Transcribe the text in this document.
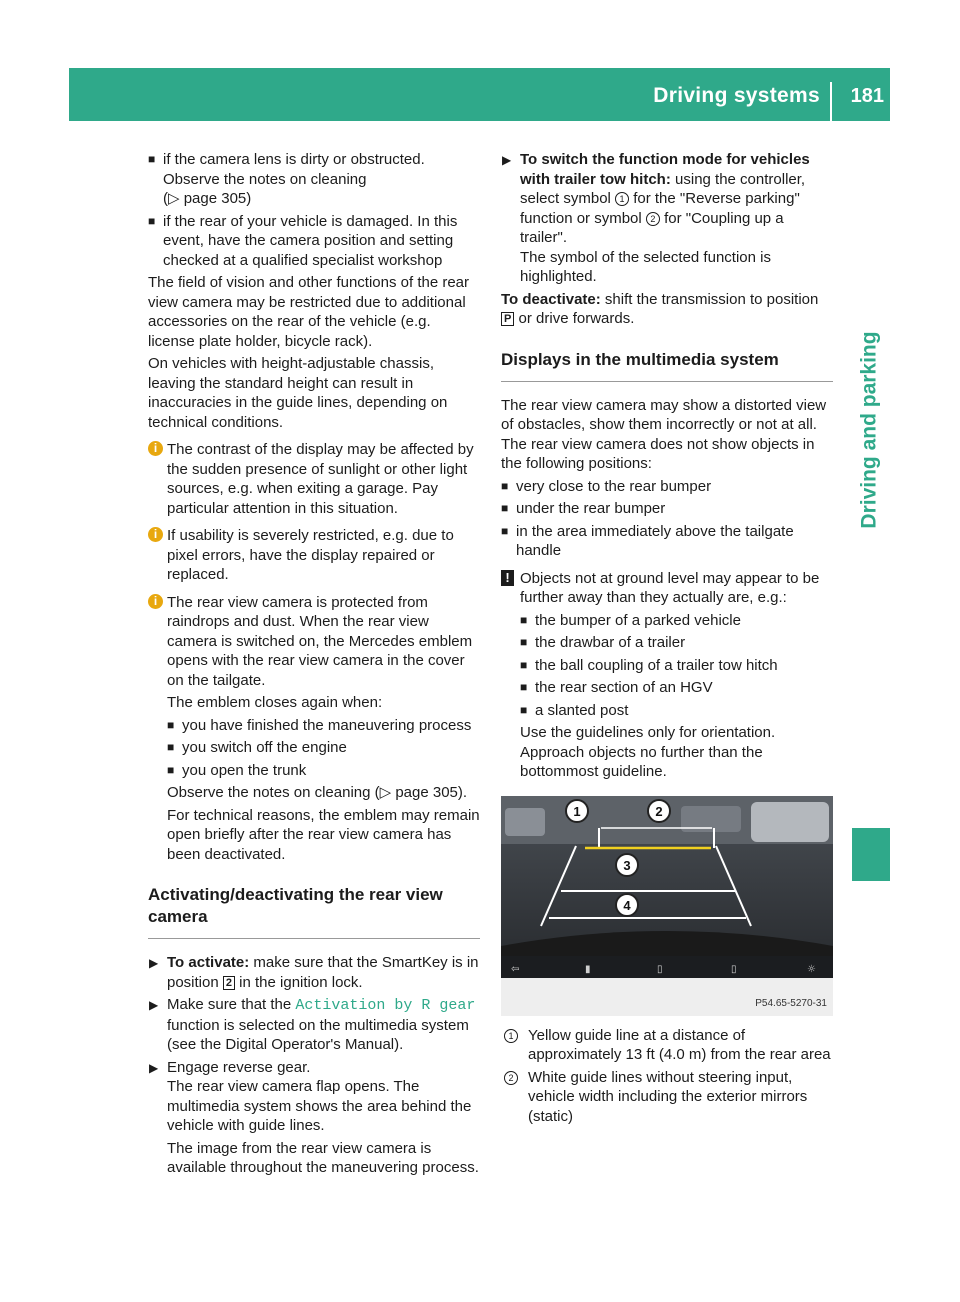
Driving systems 181
Driving and parking
■ if the camera lens is dirty or obstructed. Observe the notes on cleaning
(▷ page 305)
■ if the rear of your vehicle is damaged. In this event, have the camera position and setting checked at a qualified specialist workshop

The field of vision and other functions of the rear view camera may be restricted due to additional accessories on the rear of the vehicle (e.g. license plate holder, bicycle rack).

On vehicles with height-adjustable chassis, leaving the standard height can result in inaccuracies in the guide lines, depending on technical conditions.

i The contrast of the display may be affected by the sudden presence of sunlight or other light sources, e.g. when exiting a garage. Pay particular attention in this situation.
i If usability is severely restricted, e.g. due to pixel errors, have the display repaired or replaced.
i The rear view camera is protected from raindrops and dust. When the rear view camera is switched on, the Mercedes emblem opens with the rear view camera in the cover on the tailgate.

The emblem closes again when:

■ you have finished the maneuvering process
■ you switch off the engine
■ you open the trunk

Observe the notes on cleaning (▷ page 305).

For technical reasons, the emblem may remain open briefly after the rear view camera has been deactivated.

Activating/deactivating the rear view camera
▶ To activate: make sure that the SmartKey is in position 2 in the ignition lock.
▶ Make sure that the Activation by R gear function is selected on the multimedia system (see the Digital Operator's Manual).
▶ Engage reverse gear.
The rear view camera flap opens. The multimedia system shows the area behind the vehicle with guide lines.

The image from the rear view camera is available throughout the maneuvering process.

▶ To switch the function mode for vehicles with trailer tow hitch: using the controller, select symbol 1 for the "Reverse parking" function or symbol 2 for "Coupling up a trailer".
The symbol of the selected function is highlighted.

To deactivate: shift the transmission to position P or drive forwards.

Displays in the multimedia system

The rear view camera may show a distorted view of obstacles, show them incorrectly or not at all. The rear view camera does not show objects in the following positions:

■ very close to the rear bumper
■ under the rear bumper
■ in the area immediately above the tailgate handle
! Objects not at ground level may appear to be further away than they actually are, e.g.:
■ the bumper of a parked vehicle
■ the drawbar of a trailer
■ the ball coupling of a trailer tow hitch
■ the rear section of an HGV
■ a slanted post

Use the guidelines only for orientation. Approach objects no further than the bottommost guideline.

1	2
3
4
⇦	▮	▯	▯	☼
P54.65-5270-31
1 Yellow guide line at a distance of approximately 13 ft (4.0 m) from the rear area
2 White guide lines without steering input, vehicle width including the exterior mirrors (static)
